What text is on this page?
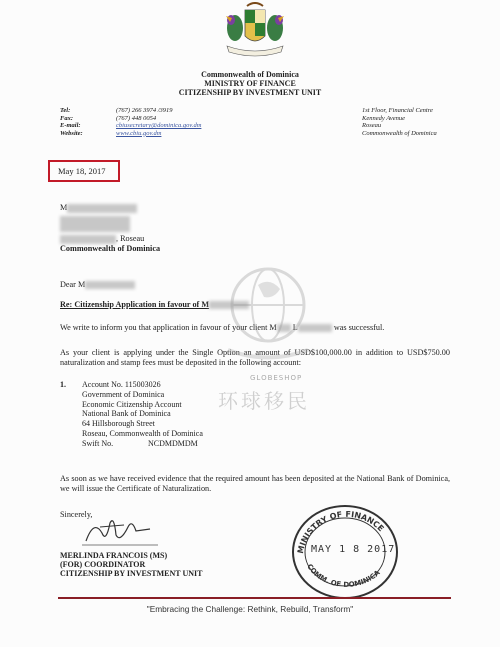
Commonwealth of Dominica
MINISTRY OF FINANCE
CITIZENSHIP BY INVESTMENT UNIT
Tel:	(767) 266 3974 /3919
Fax:	(767) 448 0054
E-mail:	cbiusecretary@dominica.gov.dm
Website:	www.cbiu.gov.dm
1st Floor, Financial Centre
Kennedy Avenue
Roseau
Commonwealth of Dominica
May 18, 2017
M
, Roseau
Commonwealth of Dominica
Dear M
Re: Citizenship Application in favour of M
We write to inform you that application in favour of your client M L	was successful.
As your client is applying under the Single Option an amount of USD$100,000.00 in addition to USD$750.00 naturalization and stamp fees must be deposited in the following account:
1. Account No. 115003026
Government of Dominica
Economic Citizenship Account
National Bank of Dominica
64 Hillsborough Street
Roseau, Commonwealth of Dominica
Swift No.	NCDMDMDM
As soon as we have received evidence that the required amount has been deposited at the National Bank of Dominica, we will issue the Certificate of Naturalization.
Sincerely,
GLOBESHOP
环球移民
MERLINDA FRANCOIS (MS)
(FOR) COORDINATOR
CITIZENSHIP BY INVESTMENT UNIT
MINISTRY OF FINANCE
COMM. OF DOMINICA
MAY 1 8 2017
"Embracing the Challenge: Rethink, Rebuild, Transform"
